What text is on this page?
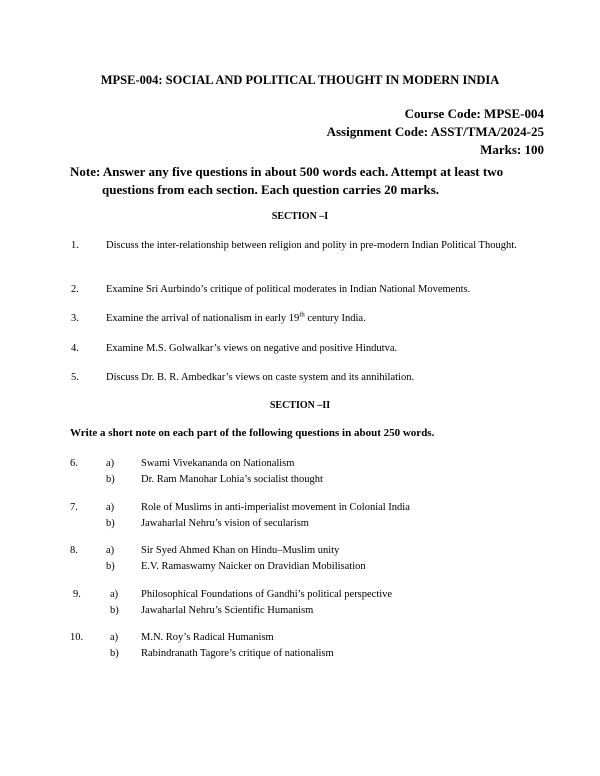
MPSE-004: SOCIAL AND POLITICAL THOUGHT IN MODERN INDIA
Course Code: MPSE-004
Assignment Code: ASST/TMA/2024-25
Marks: 100
Note: Answer any five questions in about 500 words each. Attempt at least two questions from each section. Each question carries 20 marks.
SECTION –I
1.	Discuss the inter-relationship between religion and polity in pre-modern Indian Political Thought.
2.	Examine Sri Aurbindo’s critique of political moderates in Indian National Movements.
3.	Examine the arrival of nationalism in early 19th century India.
4.	Examine M.S. Golwalkar’s views on negative and positive Hindutva.
5.	Discuss Dr. B. R. Ambedkar’s views on caste system and its annihilation.
SECTION –II
Write a short note on each part of the following questions in about 250 words.
6.	a)	Swami Vivekananda on Nationalism
b)	Dr. Ram Manohar Lohia’s socialist thought
7.	a)	Role of Muslims in anti-imperialist movement in Colonial India
b)	Jawaharlal Nehru’s vision of secularism
8.	a)	Sir Syed Ahmed Khan on Hindu–Muslim unity
b)	E.V. Ramaswamy Naicker on Dravidian Mobilisation
9.	a) Philosophical Foundations of Gandhi’s political perspective
b) Jawaharlal Nehru’s Scientific Humanism
10.	a) M.N. Roy’s Radical Humanism
b) Rabindranath Tagore’s critique of nationalism
